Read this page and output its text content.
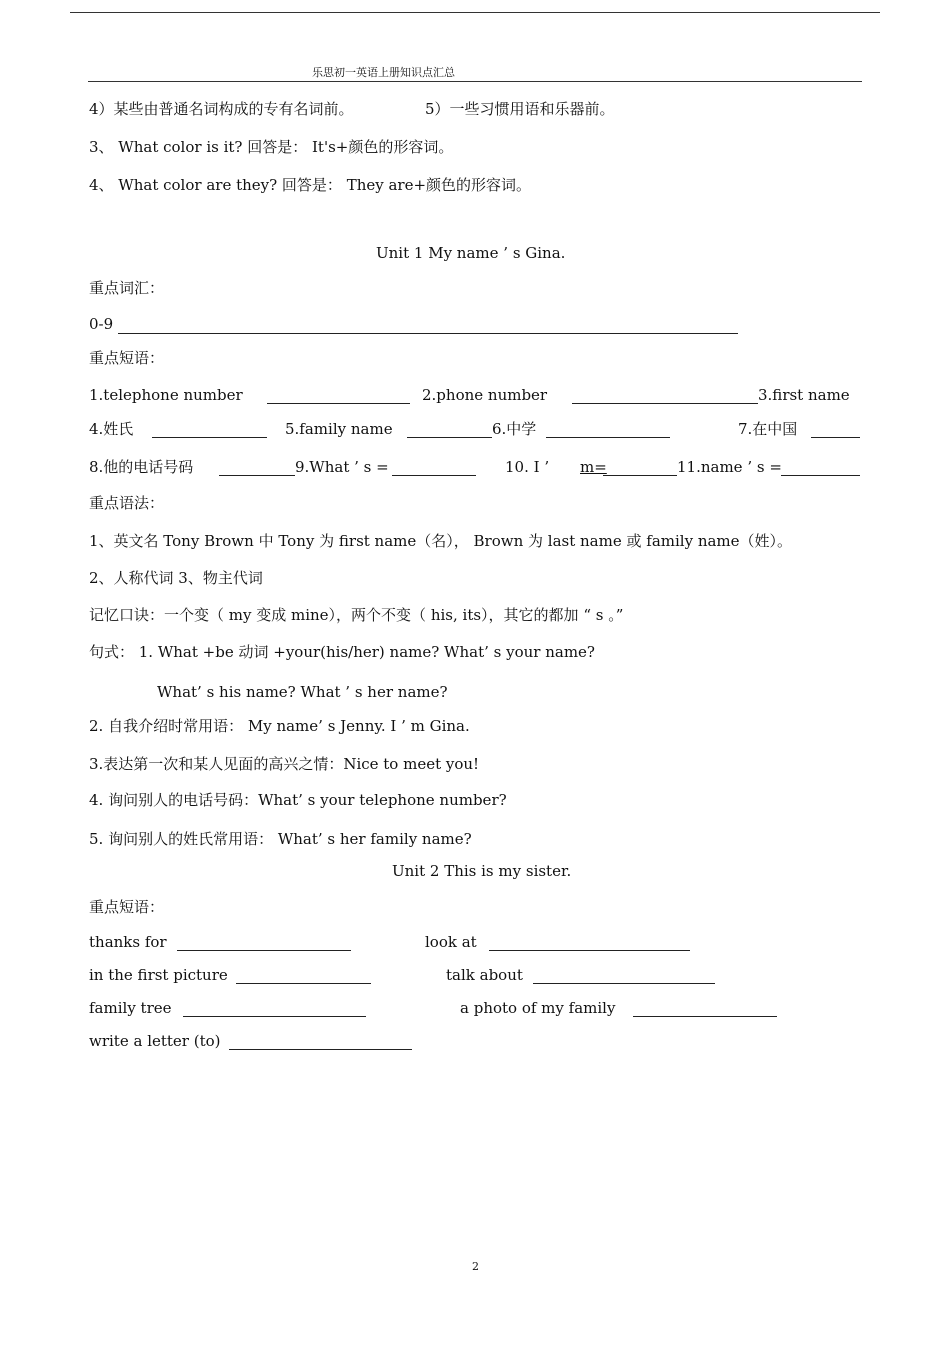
乐思初一英语上册知识点汇总
4）某些由普通名词构成的专有名词前。	5）一些习惯用语和乐器前。
3、 What color is it? 回答是： It's+颜色的形容词。
4、 What color are they? 回答是： They are+颜色的形容词。
Unit 1 My name ’ s Gina.
重点词汇：
0-9
重点短语：
1.telephone number	2.phone number	3.first name
4.姓氏	5.family name	6.中学	7.在中国
8.他的电话号码	9.What ’ s =	10. I ’ m=	11.name ’ s =
重点语法：
1、英文名 Tony Brown 中 Tony 为 first name（名）， Brown 为 last name 或 family name（姓）。
2、人称代词 3、物主代词
记忆口诀：一个变（ my 变成 mine），两个不变（ his, its），其它的都加 “ s 。”
句式： 1. What +be 动词 +your(his/her) name? What’ s your name?
What’ s his name? What ’ s her name?
2. 自我介绍时常用语： My name’ s Jenny. I ’ m Gina.
3.表达第一次和某人见面的高兴之情：Nice to meet you!
4. 询问别人的电话号码：What’ s your telephone number?
5. 询问别人的姓氏常用语： What’ s her family name?
Unit 2 This is my sister.
重点短语：
thanks for	look at
in the first picture	talk about
family tree	a photo of my family
write a letter (to)
2
